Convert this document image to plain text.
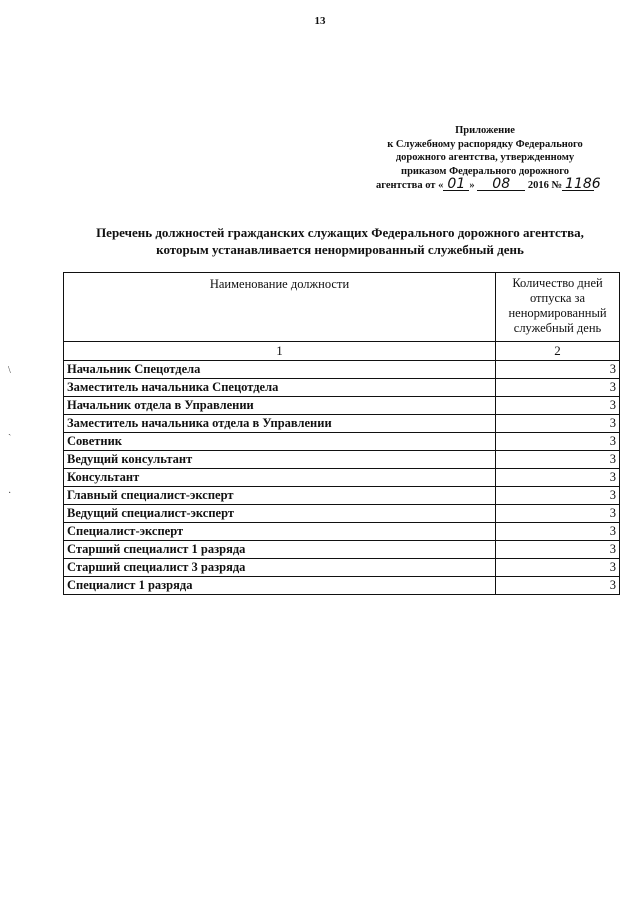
13
Приложение
к Служебному распорядку Федерального
дорожного агентства, утвержденному
приказом Федерального дорожного
агентства от « 01 » 08 2016 № 1186
Перечень должностей гражданских служащих Федерального дорожного агентства,
которым устанавливается ненормированный служебный день
Наименование должности	Количество дней отпуска за ненормированный служебный день
1	2
Начальник Спецотдела	3
Заместитель начальника Спецотдела	3
Начальник отдела в Управлении	3
Заместитель начальника отдела в Управлении	3
Советник	3
Ведущий консультант	3
Консультант	3
Главный специалист-эксперт	3
Ведущий специалист-эксперт	3
Специалист-эксперт	3
Старший специалист 1 разряда	3
Старший специалист 3 разряда	3
Специалист 1 разряда	3
\
ˎ
·
